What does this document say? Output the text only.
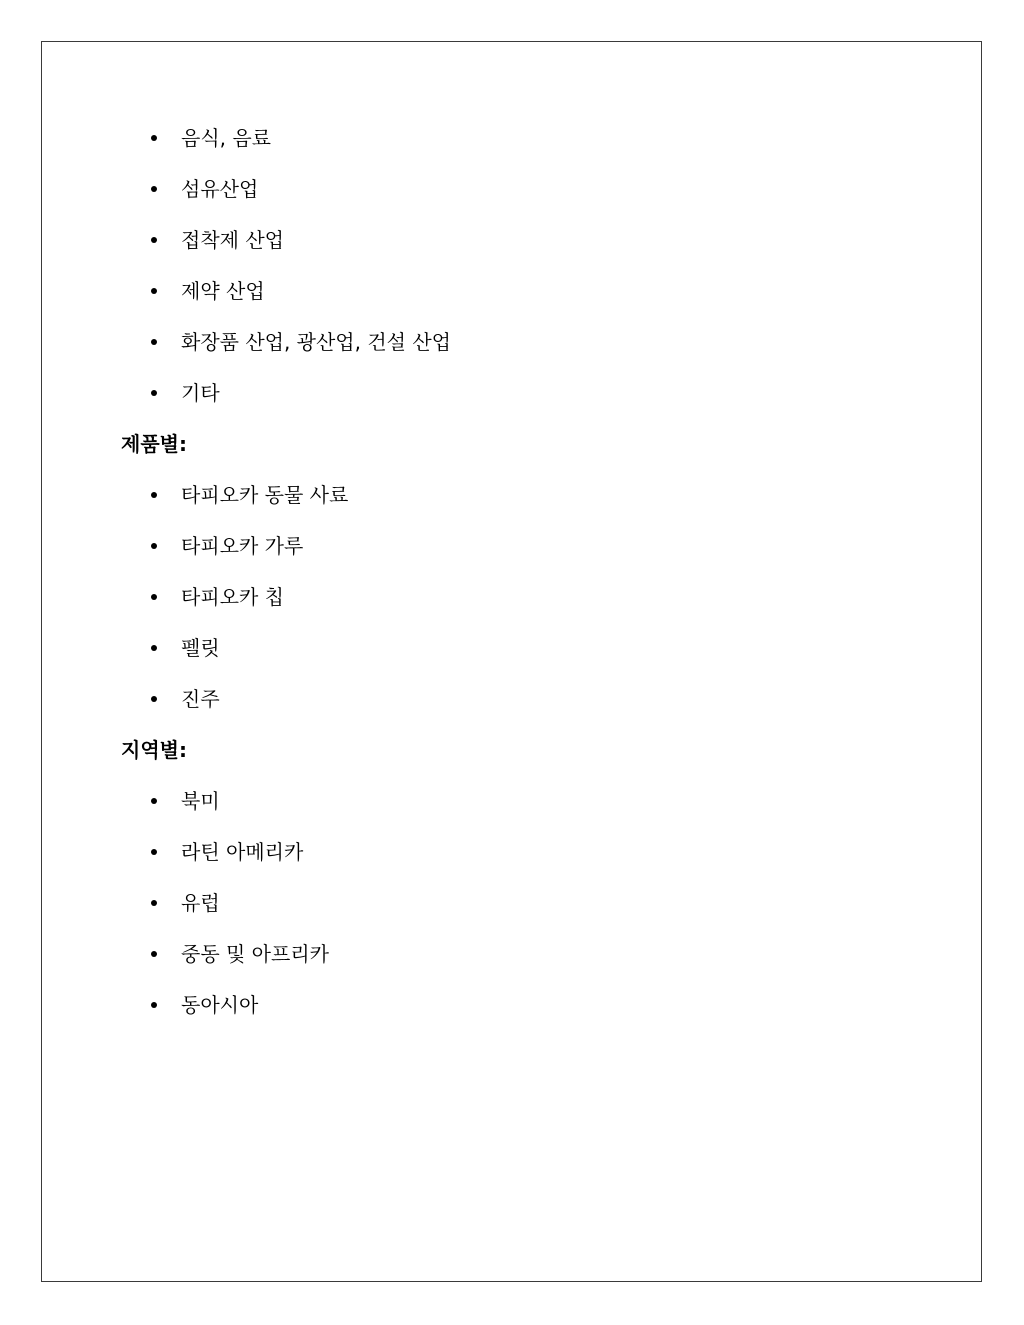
음식, 음료
섬유산업
접착제 산업
제약 산업
화장품 산업, 광산업, 건설 산업
기타
제품별:
타피오카 동물 사료
타피오카 가루
타피오카 칩
펠릿
진주
지역별:
북미
라틴 아메리카
유럽
중동 및 아프리카
동아시아
